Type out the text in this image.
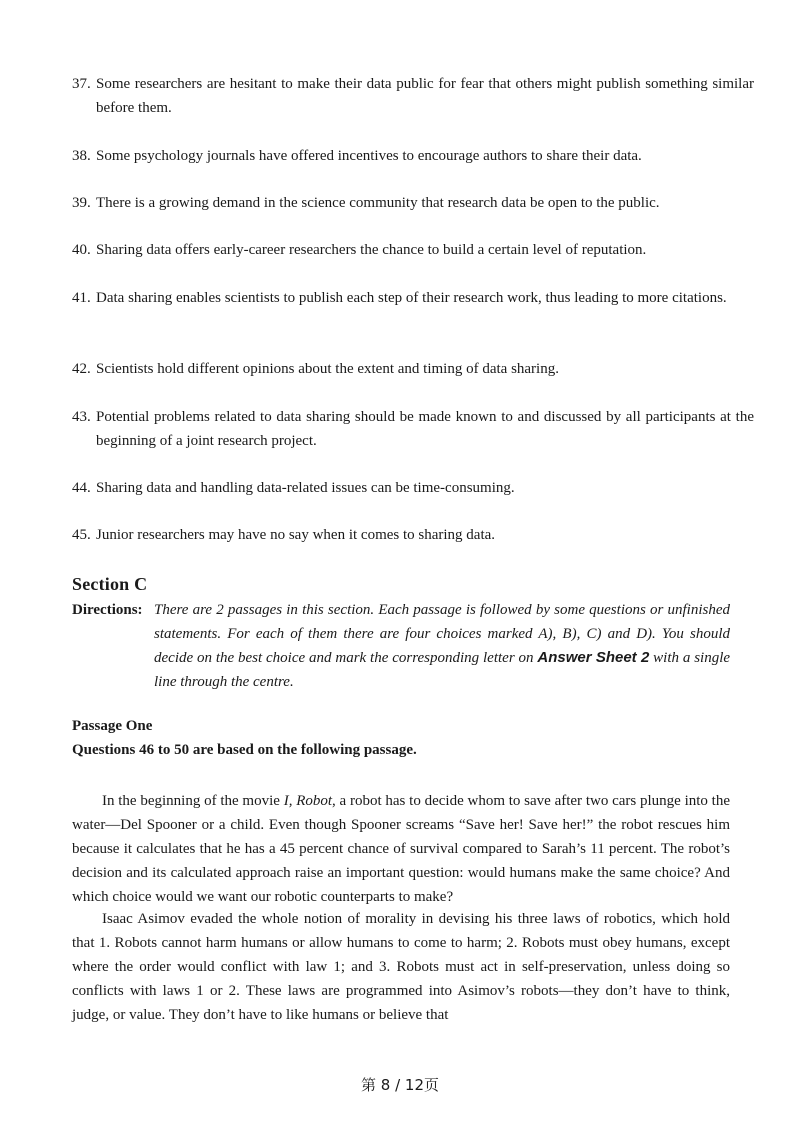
37. Some researchers are hesitant to make their data public for fear that others might publish something similar before them.
38. Some psychology journals have offered incentives to encourage authors to share their data.
39. There is a growing demand in the science community that research data be open to the public.
40. Sharing data offers early-career researchers the chance to build a certain level of reputation.
41. Data sharing enables scientists to publish each step of their research work, thus leading to more citations.
42. Scientists hold different opinions about the extent and timing of data sharing.
43. Potential problems related to data sharing should be made known to and discussed by all participants at the beginning of a joint research project.
44. Sharing data and handling data-related issues can be time-consuming.
45. Junior researchers may have no say when it comes to sharing data.
Section C
Directions: There are 2 passages in this section. Each passage is followed by some questions or unfinished statements. For each of them there are four choices marked A), B), C) and D). You should decide on the best choice and mark the corresponding letter on Answer Sheet 2 with a single line through the centre.
Passage One
Questions 46 to 50 are based on the following passage.
In the beginning of the movie I, Robot, a robot has to decide whom to save after two cars plunge into the water—Del Spooner or a child. Even though Spooner screams “Save her! Save her!” the robot rescues him because it calculates that he has a 45 percent chance of survival compared to Sarah’s 11 percent. The robot’s decision and its calculated approach raise an important question: would humans make the same choice? And which choice would we want our robotic counterparts to make?
Isaac Asimov evaded the whole notion of morality in devising his three laws of robotics, which hold that 1. Robots cannot harm humans or allow humans to come to harm; 2. Robots must obey humans, except where the order would conflict with law 1; and 3. Robots must act in self-preservation, unless doing so conflicts with laws 1 or 2. These laws are programmed into Asimov’s robots—they don’t have to think, judge, or value. They don’t have to like humans or believe that
第 8 / 12页
